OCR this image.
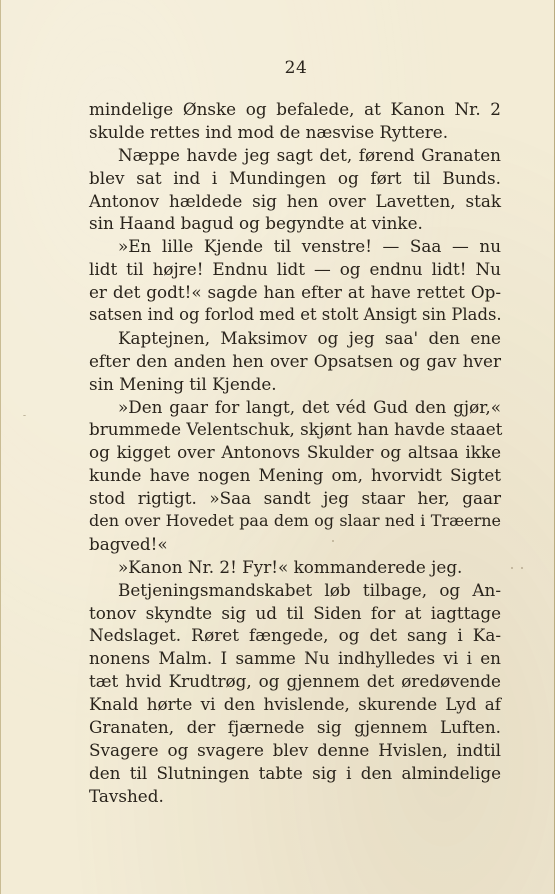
24
mindelige Ønske og befalede, at Kanon Nr. 2
skulde rettes ind mod de næsvise Ryttere.
Næppe havde jeg sagt det, førend Granaten
blev sat ind i Mundingen og ført til Bunds.
Antonov hældede sig hen over Lavetten, stak
sin Haand bagud og begyndte at vinke.
»En lille Kjende til venstre! — Saa — nu
lidt til højre! Endnu lidt — og endnu lidt! Nu
er det godt!« sagde han efter at have rettet Op-
satsen ind og forlod med et stolt Ansigt sin Plads.
Kaptejnen, Maksimov og jeg saa' den ene
efter den anden hen over Opsatsen og gav hver
sin Mening til Kjende.
»Den gaar for langt, det véd Gud den gjør,«
brummede Velentschuk, skjønt han havde staaet
og kigget over Antonovs Skulder og altsaa ikke
kunde have nogen Mening om, hvorvidt Sigtet
stod rigtigt. »Saa sandt jeg staar her, gaar
den over Hovedet paa dem og slaar ned i Træerne
bagved!«
»Kanon Nr. 2! Fyr!« kommanderede jeg.
Betjeningsmandskabet løb tilbage, og An-
tonov skyndte sig ud til Siden for at iagttage
Nedslaget. Røret fængede, og det sang i Ka-
nonens Malm. I samme Nu indhylledes vi i en
tæt hvid Krudtrøg, og gjennem det øredøvende
Knald hørte vi den hvislende, skurende Lyd af
Granaten, der fjærnede sig gjennem Luften.
Svagere og svagere blev denne Hvislen, indtil
den til Slutningen tabte sig i den almindelige
Tavshed.
